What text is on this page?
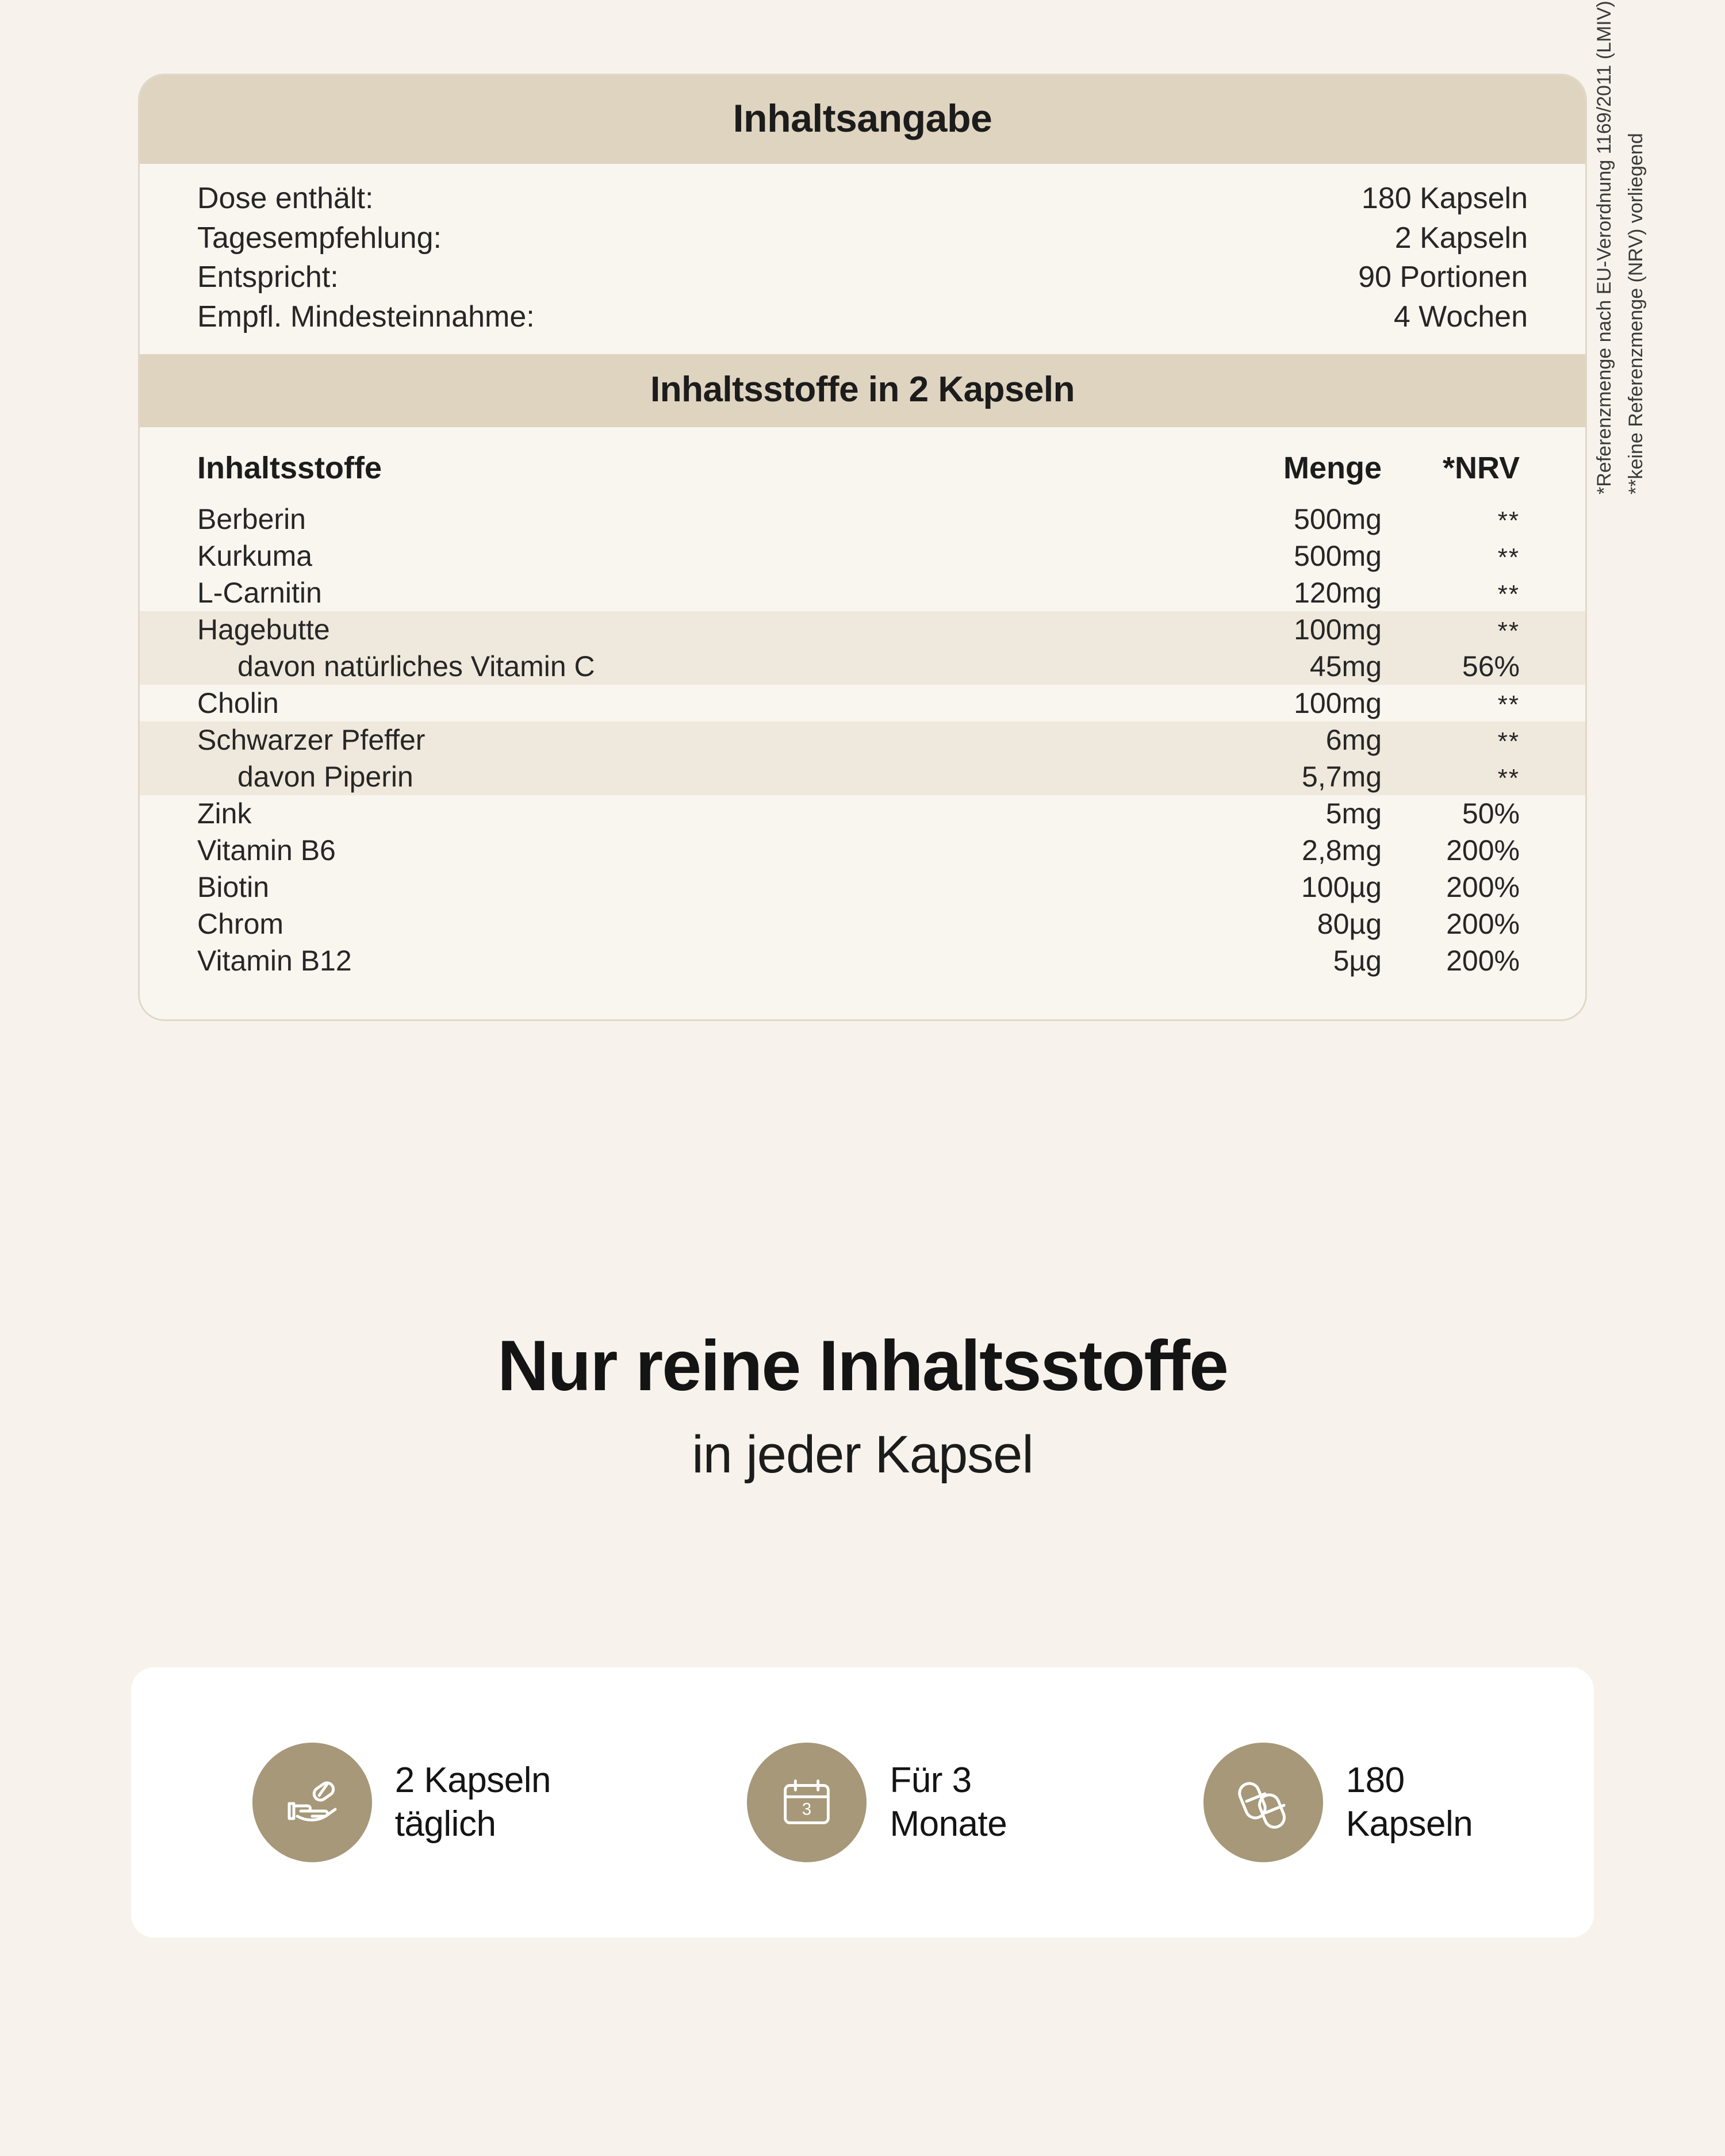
Inhaltsangabe
Dose enthält:	180 Kapseln
Tagesempfehlung:	2 Kapseln
Entspricht:	90 Portionen
Empfl. Mindesteinnahme:	4 Wochen
Inhaltsstoffe in 2 Kapseln
Inhaltsstoffe	Menge	*NRV
Berberin	500mg	**
Kurkuma	500mg	**
L-Carnitin	120mg	**
Hagebutte	100mg	**
davon natürliches Vitamin C	45mg	56%
Cholin	100mg	**
Schwarzer Pfeffer	6mg	**
davon Piperin	5,7mg	**
Zink	5mg	50%
Vitamin B6	2,8mg	200%
Biotin	100µg	200%
Chrom	80µg	200%
Vitamin B12	5µg	200%
*Referenzmenge nach EU-Verordnung 1169/2011 (LMIV) **keine Referenzmenge (NRV) vorliegend
Nur reine Inhaltsstoffe
in jeder Kapsel
2 Kapseln
täglich	3
Für 3
Monate
180
Kapseln
